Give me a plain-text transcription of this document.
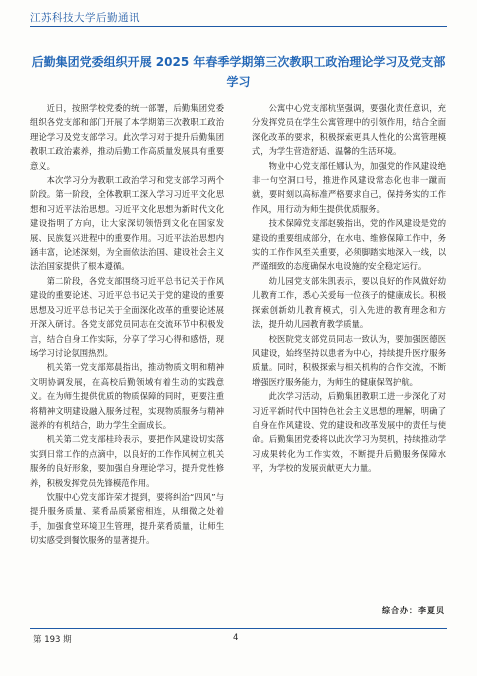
江苏科技大学后勤通讯
后勤集团党委组织开展 2025 年春季学期第三次教职工政治理论学习及党支部学习

近日，按照学校党委的统一部署，后勤集团党委组织各党支部和部门开展了本学期第三次教职工政治理论学习及党支部学习。此次学习对于提升后勤集团教职工政治素养，推动后勤工作高质量发展具有重要意义。

本次学习分为教职工政治学习和党支部学习两个阶段。第一阶段，全体教职工深入学习习近平文化思想和习近平法治思想。习近平文化思想为新时代文化建设指明了方向，让大家深切领悟到文化在国家发展、民族复兴进程中的重要作用。习近平法治思想内涵丰富，论述深刻，为全面依法治国、建设社会主义法治国家提供了根本遵循。

第二阶段，各党支部围绕习近平总书记关于作风建设的重要论述、习近平总书记关于党的建设的重要思想及习近平总书记关于全面深化改革的重要论述展开深入研讨。各党支部党员同志在交流环节中积极发言，结合自身工作实际，分享了学习心得和感悟，现场学习讨论氛围热烈。

机关第一党支部郑晨指出，推动物质文明和精神文明协调发展，在高校后勤领域有着生动的实践意义。在为师生提供优质的物质保障的同时，更要注重将精神文明建设融入服务过程，实现物质服务与精神滋养的有机结合，助力学生全面成长。

机关第二党支部桂玲表示，要把作风建设切实落实到日常工作的点滴中，以良好的工作作风树立机关服务的良好形象，要加强自身理论学习，提升党性修养，积极发挥党员先锋模范作用。

饮服中心党支部许荣才提到，要将纠治“四风”与提升服务质量、菜肴品质紧密相连，从细微之处着手，加强食堂环境卫生管理，提升菜肴质量，让师生切实感受到餐饮服务的显著提升。

公寓中心党支部杭坚强调，要强化责任意识，充分发挥党员在学生公寓管理中的引领作用，结合全面深化改革的要求，积极探索更具人性化的公寓管理模式，为学生营造舒适、温馨的生活环境。

物业中心党支部任娜认为，加强党的作风建设绝非一句空洞口号，推进作风建设常态化也非一蹴而就，要时刻以高标准严格要求自己，保持务实的工作作风，用行动为师生提供优质服务。

技术保障党支部赵骏指出，党的作风建设是党的建设的重要组成部分，在水电、维修保障工作中，务实的工作作风至关重要，必须脚踏实地深入一线，以严谨细致的态度确保水电设施的安全稳定运行。

幼儿园党支部朱凯表示，要以良好的作风做好幼儿教育工作，悉心关爱每一位孩子的健康成长。积极探索创新幼儿教育模式，引入先进的教育理念和方法，提升幼儿园教育教学质量。

校医院党支部党员同志一致认为，要加强医德医风建设，始终坚持以患者为中心，持续提升医疗服务质量。同时，积极探索与相关机构的合作交流，不断增强医疗服务能力，为师生的健康保驾护航。

此次学习活动，后勤集团教职工进一步深化了对习近平新时代中国特色社会主义思想的理解，明确了自身在作风建设、党的建设和改革发展中的责任与使命。后勤集团党委将以此次学习为契机，持续推动学习成果转化为工作实效，不断提升后勤服务保障水平，为学校的发展贡献更大力量。

综合办：李夏贝
第 193 期	4
